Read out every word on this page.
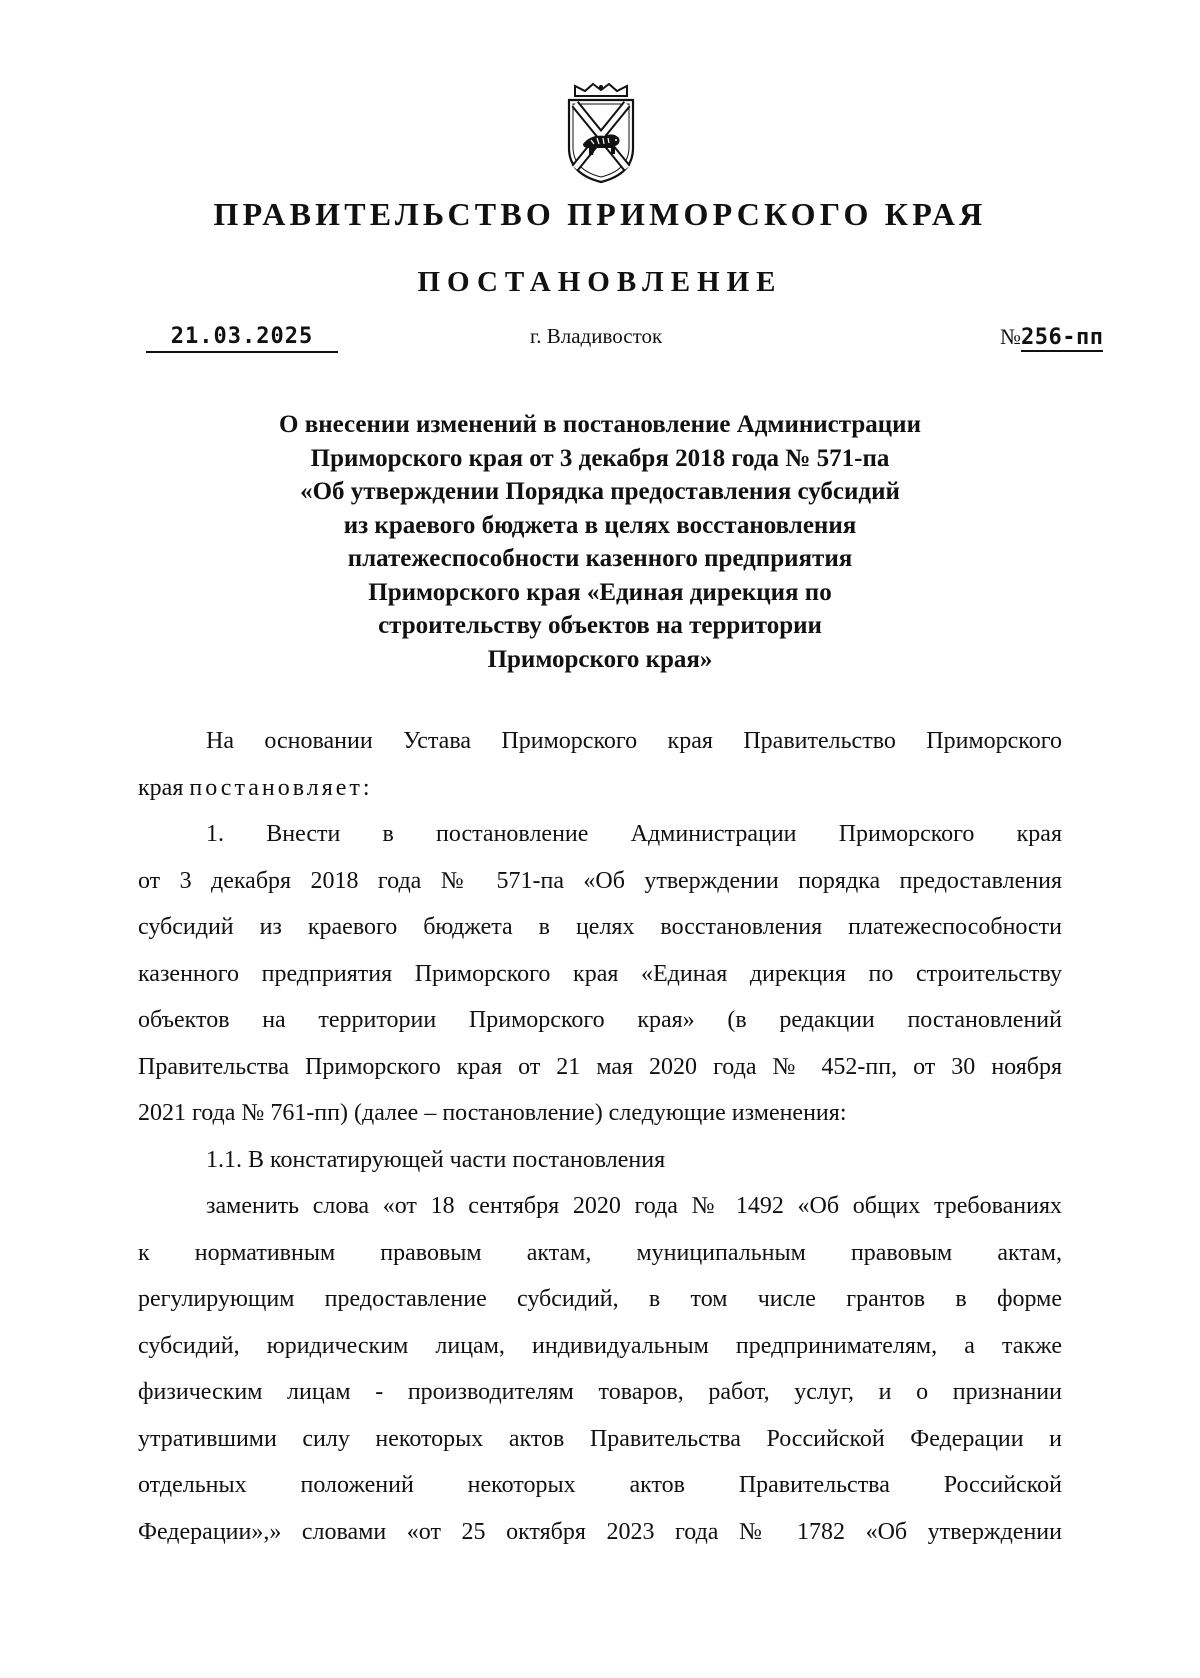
ПРАВИТЕЛЬСТВО ПРИМОРСКОГО КРАЯ
ПОСТАНОВЛЕНИЕ
21.03.2025	г. Владивосток	№256-пп
О внесении изменений в постановление Администрации
Приморского края от 3 декабря 2018 года № 571-па
«Об утверждении Порядка предоставления субсидий
из краевого бюджета в целях восстановления
платежеспособности казенного предприятия
Приморского края «Единая дирекция по
строительству объектов на территории
Приморского края»
На основании Устава Приморского края Правительство Приморского
края постановляет:
1. Внести в постановление Администрации Приморского края
от 3 декабря 2018 года № 571-па «Об утверждении порядка предоставления
субсидий из краевого бюджета в целях восстановления платежеспособности
казенного предприятия Приморского края «Единая дирекция по строительству
объектов на территории Приморского края» (в редакции постановлений
Правительства Приморского края от 21 мая 2020 года № 452-пп, от 30 ноября
2021 года № 761-пп) (далее – постановление) следующие изменения:
1.1. В констатирующей части постановления
заменить слова «от 18 сентября 2020 года № 1492 «Об общих требованиях
к нормативным правовым актам, муниципальным правовым актам,
регулирующим предоставление субсидий, в том числе грантов в форме
субсидий, юридическим лицам, индивидуальным предпринимателям, а также
физическим лицам - производителям товаров, работ, услуг, и о признании
утратившими силу некоторых актов Правительства Российской Федерации и
отдельных положений некоторых актов Правительства Российской
Федерации»,» словами «от 25 октября 2023 года № 1782 «Об утверждении
